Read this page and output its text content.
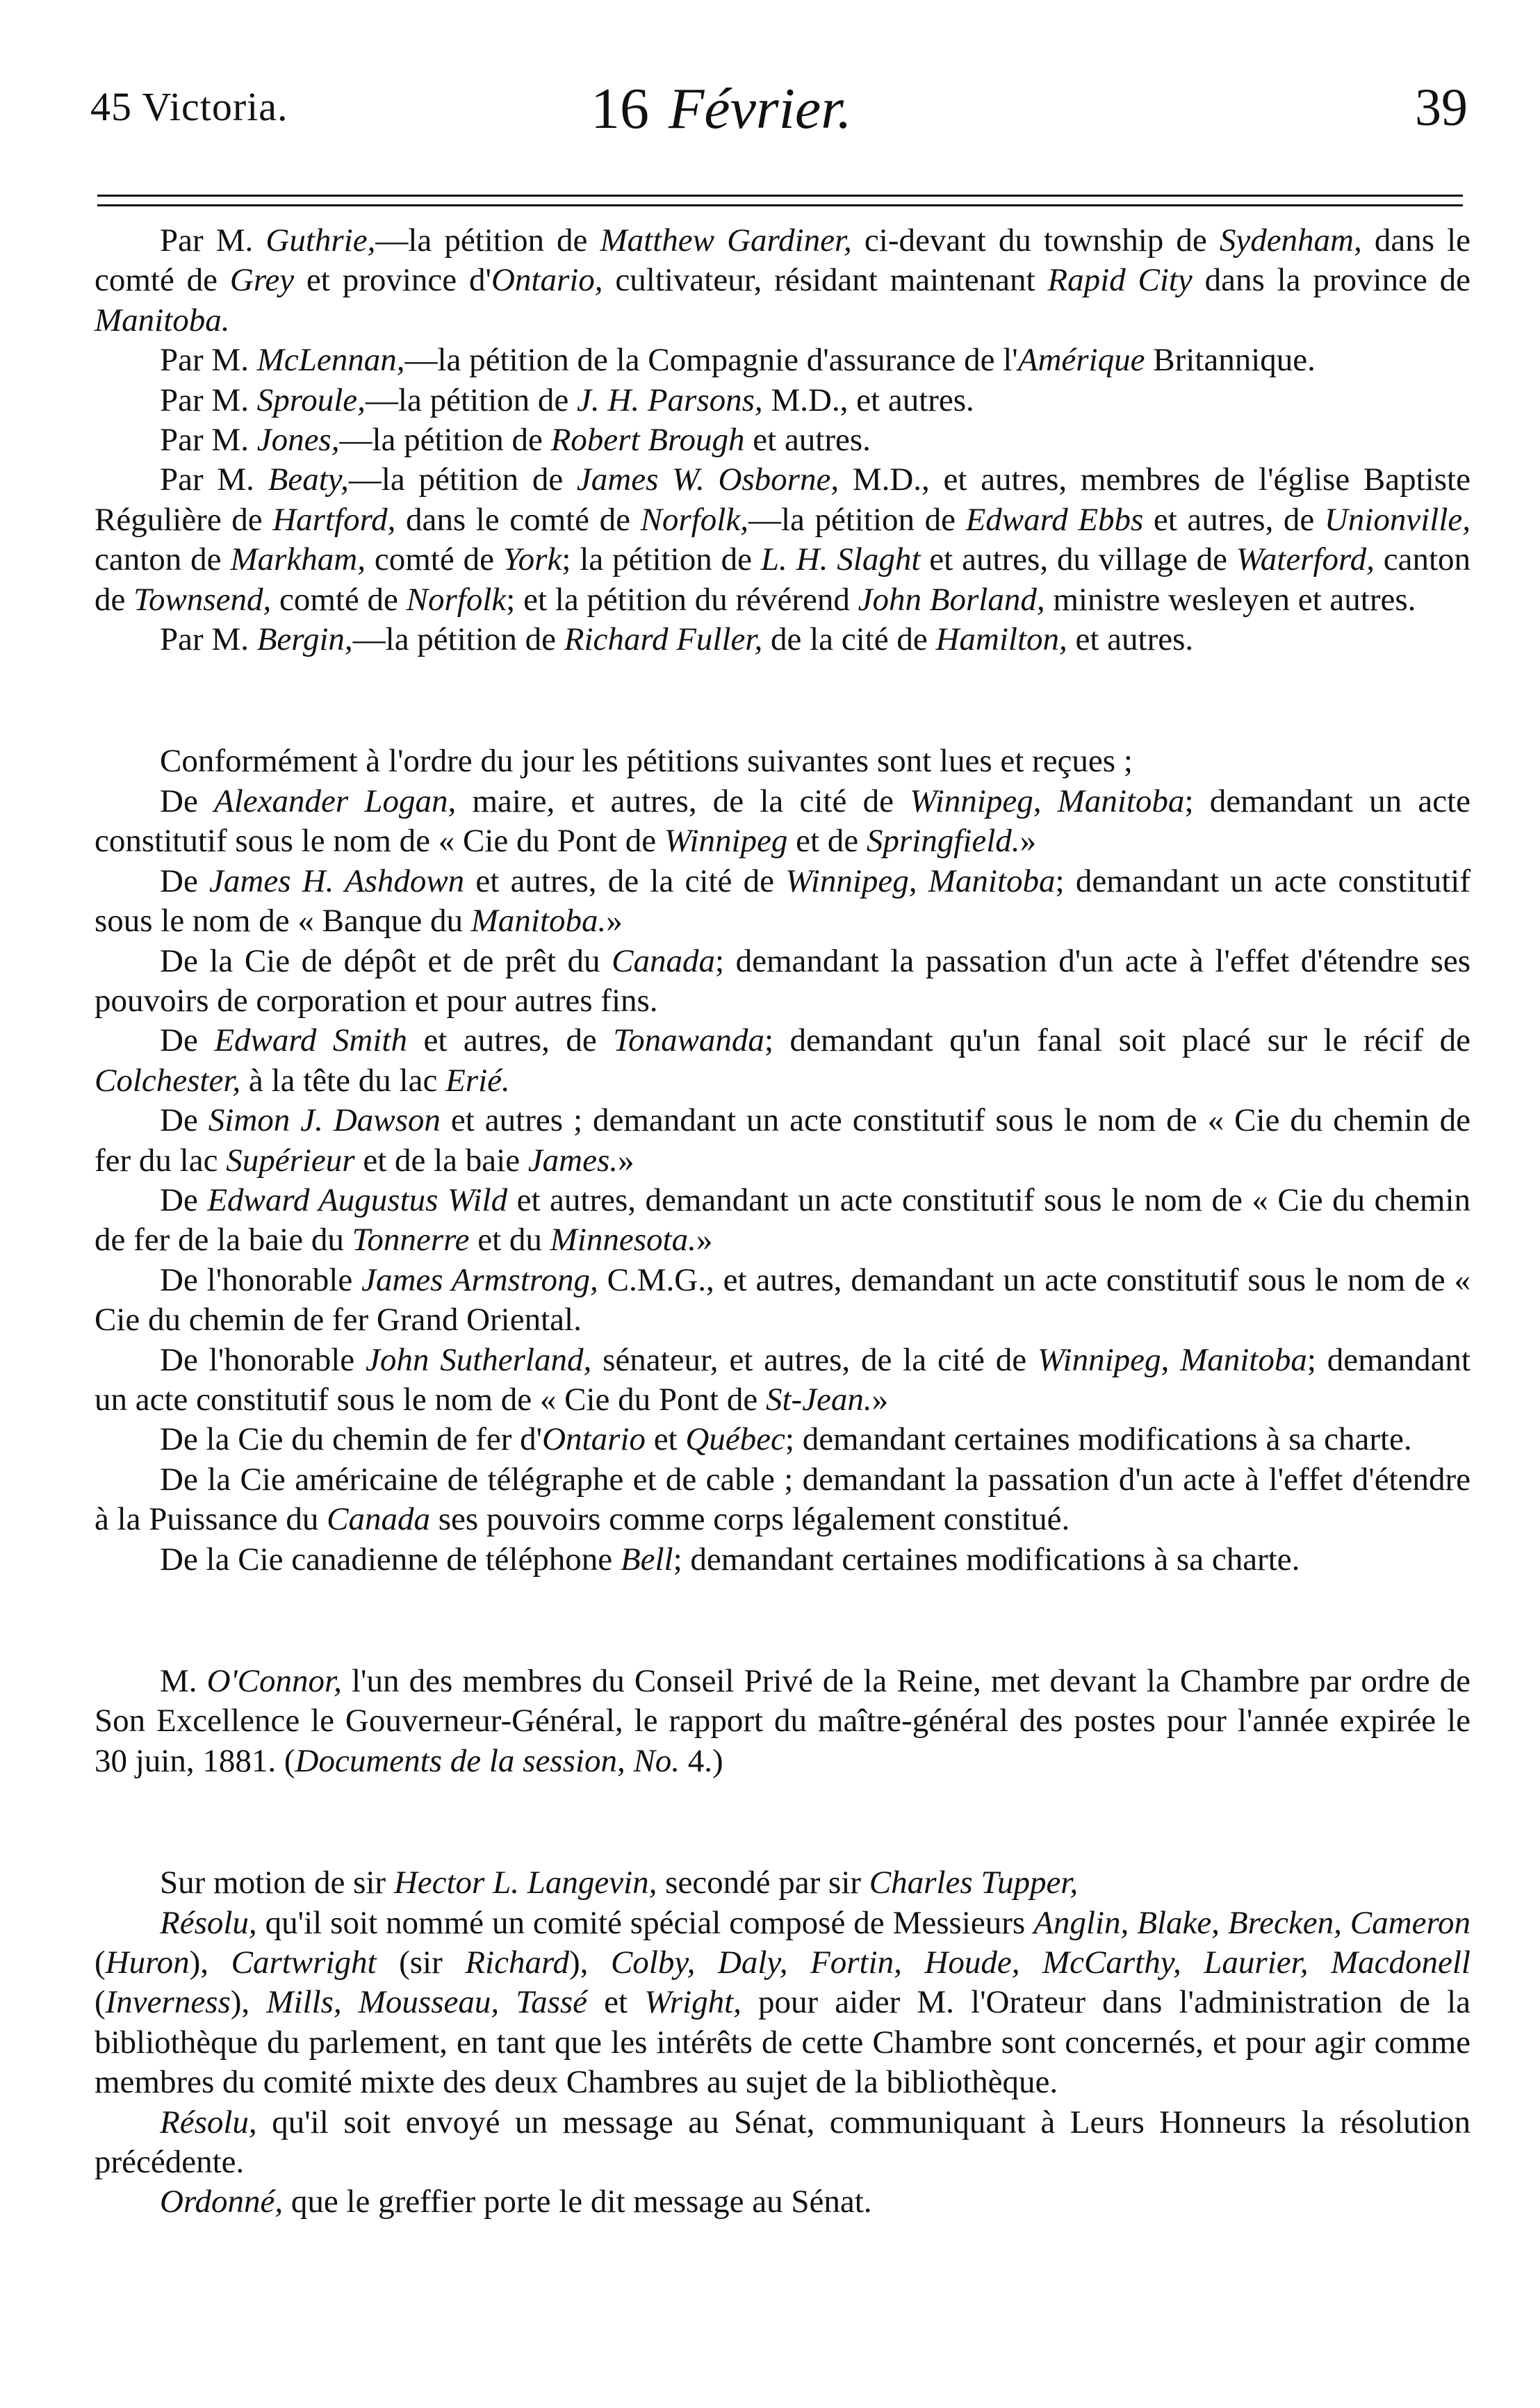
45 Victoria.	16 Février.	39

Par M. Guthrie,—la pétition de Matthew Gardiner, ci-devant du township de Sydenham, dans le comté de Grey et province d'Ontario, cultivateur, résidant maintenant Rapid City dans la province de Manitoba.

Par M. McLennan,—la pétition de la Compagnie d'assurance de l'Amérique Britannique.

Par M. Sproule,—la pétition de J. H. Parsons, M.D., et autres.

Par M. Jones,—la pétition de Robert Brough et autres.

Par M. Beaty,—la pétition de James W. Osborne, M.D., et autres, membres de l'église Baptiste Régulière de Hartford, dans le comté de Norfolk,—la pétition de Edward Ebbs et autres, de Unionville, canton de Markham, comté de York; la pétition de L. H. Slaght et autres, du village de Waterford, canton de Townsend, comté de Norfolk; et la pétition du révérend John Borland, ministre wesleyen et autres.

Par M. Bergin,—la pétition de Richard Fuller, de la cité de Hamilton, et autres.

Conformément à l'ordre du jour les pétitions suivantes sont lues et reçues ;

De Alexander Logan, maire, et autres, de la cité de Winnipeg, Manitoba; demandant un acte constitutif sous le nom de « Cie du Pont de Winnipeg et de Springfield.»

De James H. Ashdown et autres, de la cité de Winnipeg, Manitoba; demandant un acte constitutif sous le nom de « Banque du Manitoba.»

De la Cie de dépôt et de prêt du Canada; demandant la passation d'un acte à l'effet d'étendre ses pouvoirs de corporation et pour autres fins.

De Edward Smith et autres, de Tonawanda; demandant qu'un fanal soit placé sur le récif de Colchester, à la tête du lac Erié.

De Simon J. Dawson et autres ; demandant un acte constitutif sous le nom de « Cie du chemin de fer du lac Supérieur et de la baie James.»

De Edward Augustus Wild et autres, demandant un acte constitutif sous le nom de « Cie du chemin de fer de la baie du Tonnerre et du Minnesota.»

De l'honorable James Armstrong, C.M.G., et autres, demandant un acte constitutif sous le nom de « Cie du chemin de fer Grand Oriental.

De l'honorable John Sutherland, sénateur, et autres, de la cité de Winnipeg, Manitoba; demandant un acte constitutif sous le nom de « Cie du Pont de St-Jean.»

De la Cie du chemin de fer d'Ontario et Québec; demandant certaines modifications à sa charte.

De la Cie américaine de télégraphe et de cable ; demandant la passation d'un acte à l'effet d'étendre à la Puissance du Canada ses pouvoirs comme corps légalement constitué.

De la Cie canadienne de téléphone Bell; demandant certaines modifications à sa charte.

M. O'Connor, l'un des membres du Conseil Privé de la Reine, met devant la Chambre par ordre de Son Excellence le Gouverneur-Général, le rapport du maître-général des postes pour l'année expirée le 30 juin, 1881. (Documents de la session, No. 4.)

Sur motion de sir Hector L. Langevin, secondé par sir Charles Tupper,

Résolu, qu'il soit nommé un comité spécial composé de Messieurs Anglin, Blake, Brecken, Cameron (Huron), Cartwright (sir Richard), Colby, Daly, Fortin, Houde, McCarthy, Laurier, Macdonell (Inverness), Mills, Mousseau, Tassé et Wright, pour aider M. l'Orateur dans l'administration de la bibliothèque du parlement, en tant que les intérêts de cette Chambre sont concernés, et pour agir comme membres du comité mixte des deux Chambres au sujet de la bibliothèque.

Résolu, qu'il soit envoyé un message au Sénat, communiquant à Leurs Honneurs la résolution précédente.

Ordonné, que le greffier porte le dit message au Sénat.
